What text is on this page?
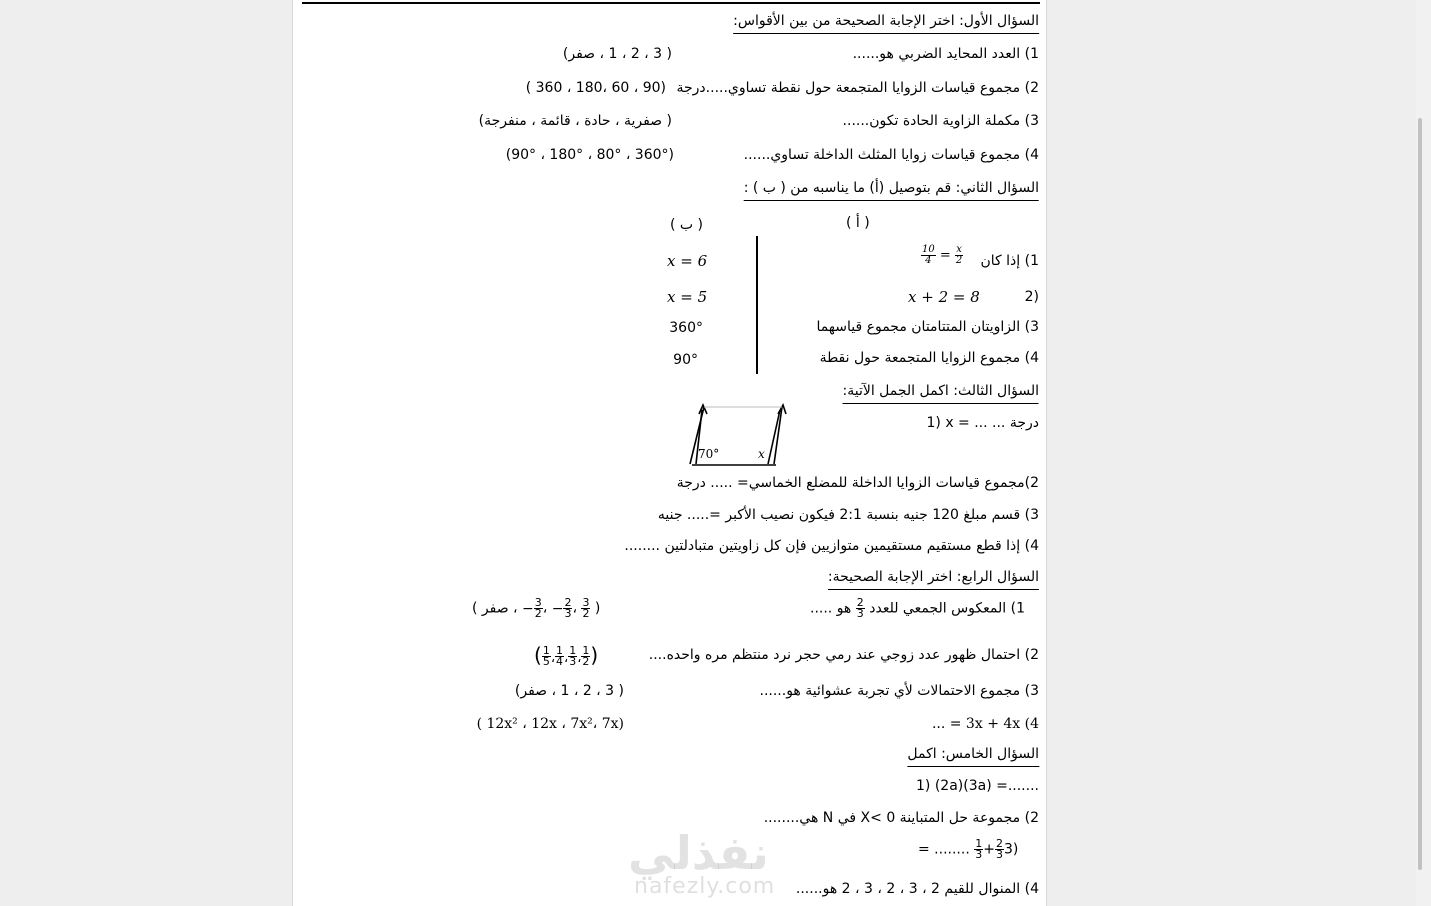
السؤال الأول: اختر الإجابة الصحيحة من بين الأقواس:
1) العدد المحايد الضربي هو......
( 3 ، 2 ، 1 ، صفر)
2) مجموع قياسات الزوايا المتجمعة حول نقطة تساوي.....درجة
( 360 ، 180، 60 ، 90)
3) مكملة الزاوية الحادة تكون......
( صفرية ، حادة ، قائمة ، منفرجة)
4) مجموع قياسات زوايا المثلث الداخلة تساوي......
(90° ، 180° ، 80° ، 360°)
السؤال الثاني: قم بتوصيل (أ) ما يناسبه من ( ب ) :
( أ )
( ب )
1) إذا كان
$\frac{10}{4} = \frac{x}{2}$
2)
x + 2 = 8
3) الزاويتان المتتامتان مجموع قياسهما
4) مجموع الزوايا المتجمعة حول نقطة
x = 6
x = 5
360°
90°
السؤال الثالث: اكمل الجمل الآتية:
1) x = ... ... درجة
70°	x
2)مجموع قياسات الزوايا الداخلة للمضلع الخماسي= ..... درجة
3) قسم مبلغ 120 جنيه بنسبة 2:1 فيكون نصيب الأكبر =..... جنيه
4) إذا قطع مستقيم مستقيمين متوازيين فإن كل زاويتين متبادلتين ........
السؤال الرابع: اختر الإجابة الصحيحة:
1) المعكوس الجمعي للعدد
$\frac{2}{3}$
هو .....
، صفر ) − $\frac{3}{2}$ ، − $\frac{2}{3}$ ، $\frac{3}{2}$ )
2) احتمال ظهور عدد زوجي عند رمي حجر نرد منتظم مره واحده....
( $\frac{1}{5}$ ، $\frac{1}{4}$ ، $\frac{1}{3}$ ، $\frac{1}{2}$ )
3) مجموع الاحتمالات لأي تجربة عشوائية هو......
( 3 ، 2 ، 1 ، صفر)
... = 3x + 4x (4
( 12x² ، 12x ، 7x²، 7x)
السؤال الخامس: اكمل
1) (2a)(3a) =.......
2) مجموعة حل المتباينة X< 0 في N هي........
= ........ $\frac{1}{3} + \frac{2}{3} 3$)
4) المنوال للقيم 2 ، 3 ، 2 ، 3 ، 2 هو......
نفذلي
nafezly.com
